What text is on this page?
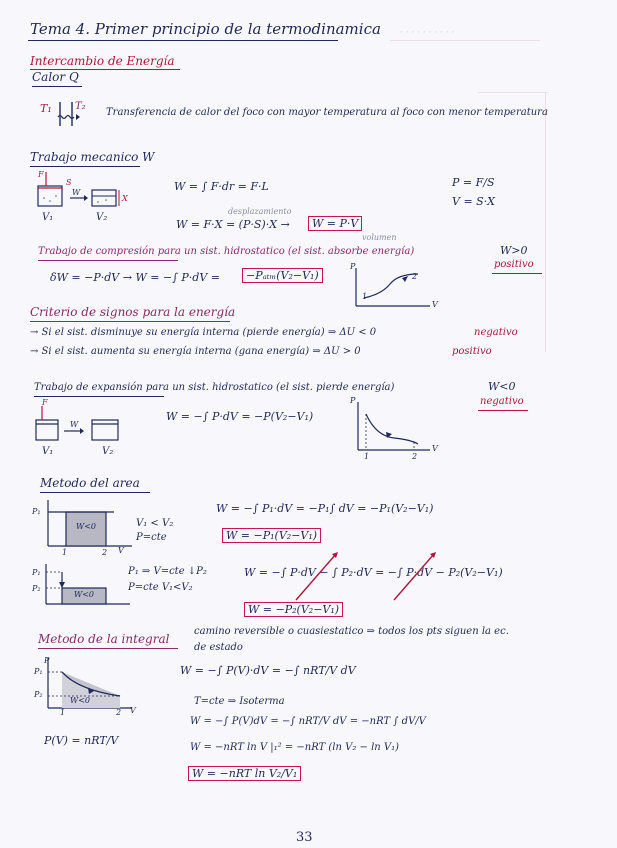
· · · · · · · · · ·
Tema 4. Primer principio de la termodinamica
Intercambio de Energía
Calor Q
T₁ T₂
Transferencia de calor del foco con mayor temperatura al foco con menor temperatura
Trabajo mecanico W
F
S
W
X
V₁	V₂
W = ∫ F·dr = F·L
desplazamiento
W = F·X = (P·S)·X →	W = P·V
volumen
P = F/S
V = S·X
Trabajo de compresión para un sist. hidrostatico (el sist. absorbe energía)	W>0
positivo
δW = −P·dV → W = −∫ P·dV =	−Pₐₜₘ(V₂−V₁)
P
V
1
2
Criterio de signos para la energía
→ Si el sist. disminuye su energía interna (pierde energía) ⇒ ΔU < 0	negativo
→ Si el sist. aumenta su energía interna (gana energía) ⇒ ΔU > 0	positivo
Trabajo de expansión para un sist. hidrostatico (el sist. pierde energía)	W<0
negativo
F
W
V₁	V₂
W = −∫ P·dV = −P(V₂−V₁)
P
V
1	2
Metodo del area
P₁
W<0
1	2 V
V₁ < V₂
P=cte
W = −∫ P₁·dV = −P₁∫ dV = −P₁(V₂−V₁)
W = −P₁(V₂−V₁)
P₁
P₂
W<0
P₁ ⇒ V=cte ↓P₂
P=cte V₁<V₂
W = −∫ P·dV − ∫ P₂·dV = −∫ P·dV − P₂(V₂−V₁)
W = −P₂(V₂−V₁)
Metodo de la integral
camino reversible o cuasiestatico ⇒ todos los pts siguen la ec.
de estado
P
P₁
P₂
W<0
1	2 V
P(V) = nRT/V
W = −∫ P(V)·dV = −∫ nRT/V dV
T=cte ⇒ Isoterma
W = −∫ P(V)dV = −∫ nRT/V dV = −nRT ∫ dV/V
W = −nRT ln V |₁² = −nRT (ln V₂ − ln V₁)
W = −nRT ln V₂/V₁
33
